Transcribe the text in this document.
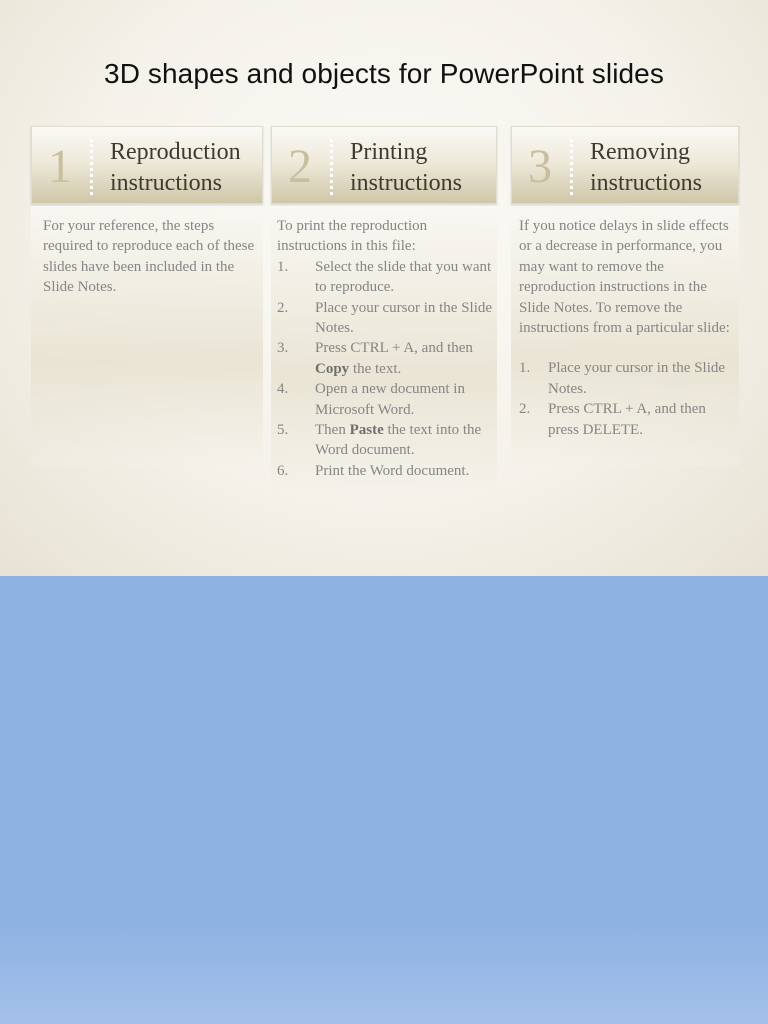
3D shapes and objects for PowerPoint slides
1 Reproduction
instructions

For your reference, the steps required to reproduce each of these slides have been included in the Slide Notes.

2 Printing
instructions

To print the reproduction instructions in this file:

1. Select the slide that you want to reproduce.
2. Place your cursor in the Slide Notes.
3. Press CTRL + A, and then Copy the text.
4. Open a new document in Microsoft Word.
5. Then Paste the text into the Word document.
6. Print the Word document.
3 Removing
instructions

If you notice delays in slide effects or a decrease in performance, you may want to remove the reproduction instructions in the Slide Notes. To remove the instructions from a particular slide:

1. Place your cursor in the Slide Notes.
2. Press CTRL + A, and then press DELETE.
